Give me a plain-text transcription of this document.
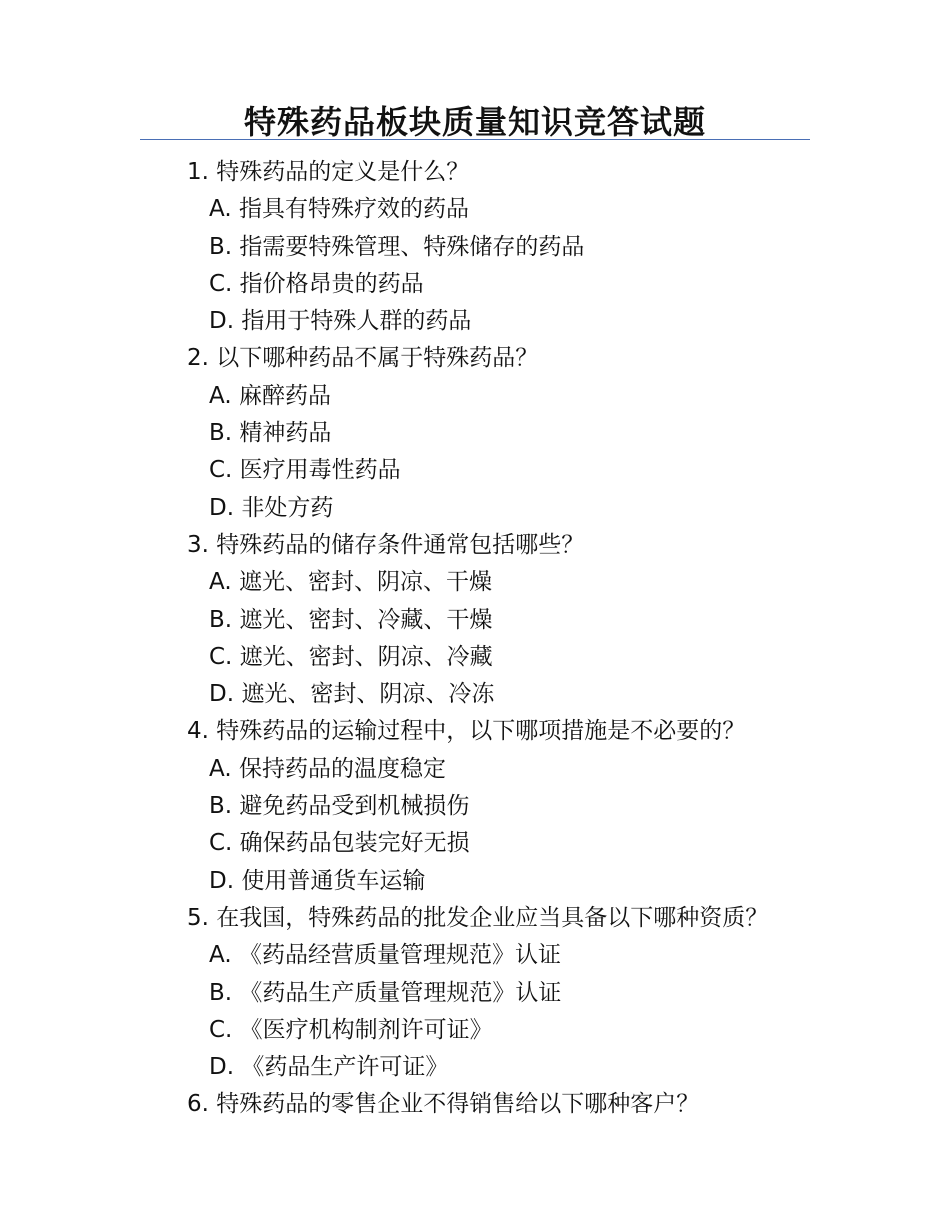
特殊药品板块质量知识竞答试题
1. 特殊药品的定义是什么？
A. 指具有特殊疗效的药品
B. 指需要特殊管理、特殊储存的药品
C. 指价格昂贵的药品
D. 指用于特殊人群的药品
2. 以下哪种药品不属于特殊药品？
A. 麻醉药品
B. 精神药品
C. 医疗用毒性药品
D. 非处方药
3. 特殊药品的储存条件通常包括哪些？
A. 遮光、密封、阴凉、干燥
B. 遮光、密封、冷藏、干燥
C. 遮光、密封、阴凉、冷藏
D. 遮光、密封、阴凉、冷冻
4. 特殊药品的运输过程中，以下哪项措施是不必要的？
A. 保持药品的温度稳定
B. 避免药品受到机械损伤
C. 确保药品包装完好无损
D. 使用普通货车运输
5. 在我国，特殊药品的批发企业应当具备以下哪种资质？
A. 《药品经营质量管理规范》认证
B. 《药品生产质量管理规范》认证
C. 《医疗机构制剂许可证》
D. 《药品生产许可证》
6. 特殊药品的零售企业不得销售给以下哪种客户？
